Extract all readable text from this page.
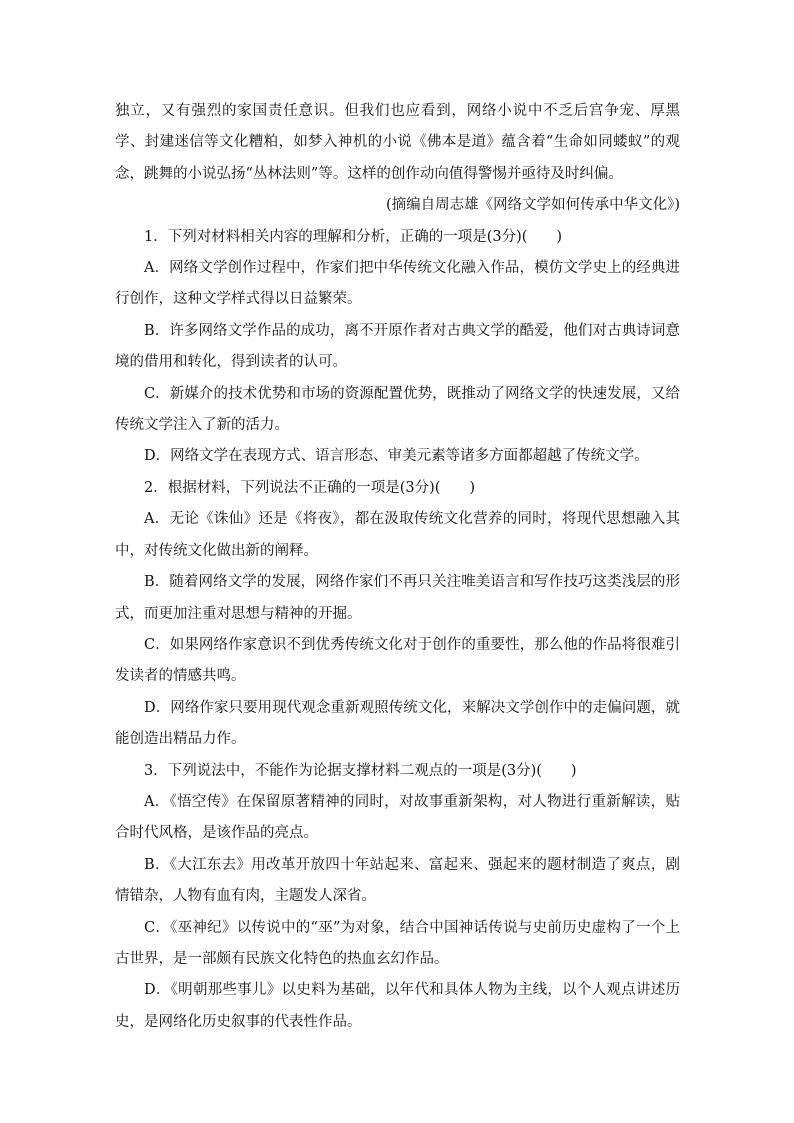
独立，又有强烈的家国责任意识。但我们也应看到，网络小说中不乏后宫争宠、厚黑学、封建迷信等文化糟粕，如梦入神机的小说《佛本是道》蕴含着“生命如同蝼蚁”的观念，跳舞的小说弘扬“丛林法则”等。这样的创作动向值得警惕并亟待及时纠偏。

(摘编自周志雄《网络文学如何传承中华文化》)

1．下列对材料相关内容的理解和分析，正确的一项是(3分)(　　)

A．网络文学创作过程中，作家们把中华传统文化融入作品，模仿文学史上的经典进行创作，这种文学样式得以日益繁荣。

B．许多网络文学作品的成功，离不开原作者对古典文学的酷爱，他们对古典诗词意境的借用和转化，得到读者的认可。

C．新媒介的技术优势和市场的资源配置优势，既推动了网络文学的快速发展，又给传统文学注入了新的活力。

D．网络文学在表现方式、语言形态、审美元素等诸多方面都超越了传统文学。

2．根据材料，下列说法不正确的一项是(3分)(　　)

A．无论《诛仙》还是《将夜》，都在汲取传统文化营养的同时，将现代思想融入其中，对传统文化做出新的阐释。

B．随着网络文学的发展，网络作家们不再只关注唯美语言和写作技巧这类浅层的形式，而更加注重对思想与精神的开掘。

C．如果网络作家意识不到优秀传统文化对于创作的重要性，那么他的作品将很难引发读者的情感共鸣。

D．网络作家只要用现代观念重新观照传统文化，来解决文学创作中的走偏问题，就能创造出精品力作。

3．下列说法中，不能作为论据支撑材料二观点的一项是(3分)(　　)

A．《悟空传》在保留原著精神的同时，对故事重新架构，对人物进行重新解读，贴合时代风格，是该作品的亮点。

B．《大江东去》用改革开放四十年站起来、富起来、强起来的题材制造了爽点，剧情错杂，人物有血有肉，主题发人深省。

C．《巫神纪》以传说中的“巫”为对象，结合中国神话传说与史前历史虚构了一个上古世界，是一部颇有民族文化特色的热血玄幻作品。

D．《明朝那些事儿》以史料为基础，以年代和具体人物为主线，以个人观点讲述历史，是网络化历史叙事的代表性作品。
